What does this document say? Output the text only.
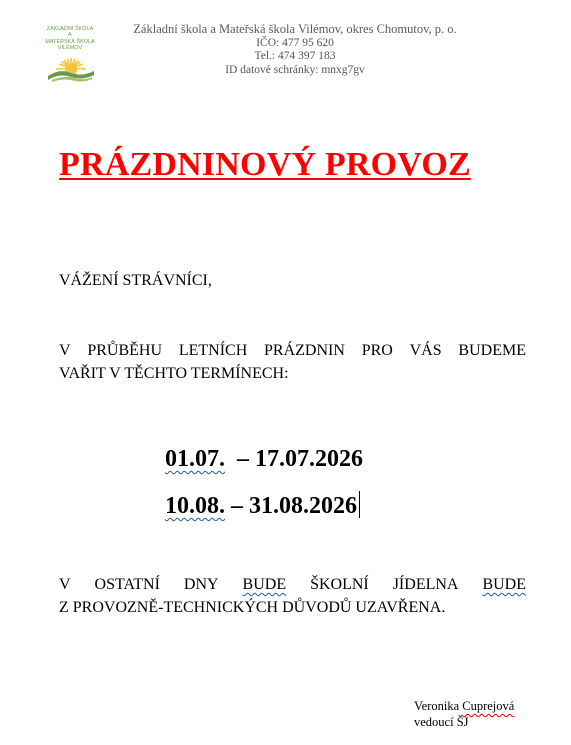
ZÁKLADNÍ ŠKOLA
A
MATEŘSKÁ ŠKOLA
VILÉMOV
Základní škola a Mateřská škola Vilémov, okres Chomutov, p. o.
IČO: 477 95 620
Tel.: 474 397 183
ID datové schránky: mnxg7gv
PRÁZDNINOVÝ PROVOZ
VÁŽENÍ STRÁVNÍCI,
V PRŮBĚHU LETNÍCH PRÁZDNIN PRO VÁS BUDEME
VAŘIT V TĚCHTO TERMÍNECH:
01.07.  – 17.07.2026
10.08. – 31.08.2026
V OSTATNÍ DNY BUDE ŠKOLNÍ JÍDELNA BUDE
Z PROVOZNĚ-TECHNICKÝCH DŮVODŮ UZAVŘENA.
Veronika Cuprejová
vedoucí ŠJ
